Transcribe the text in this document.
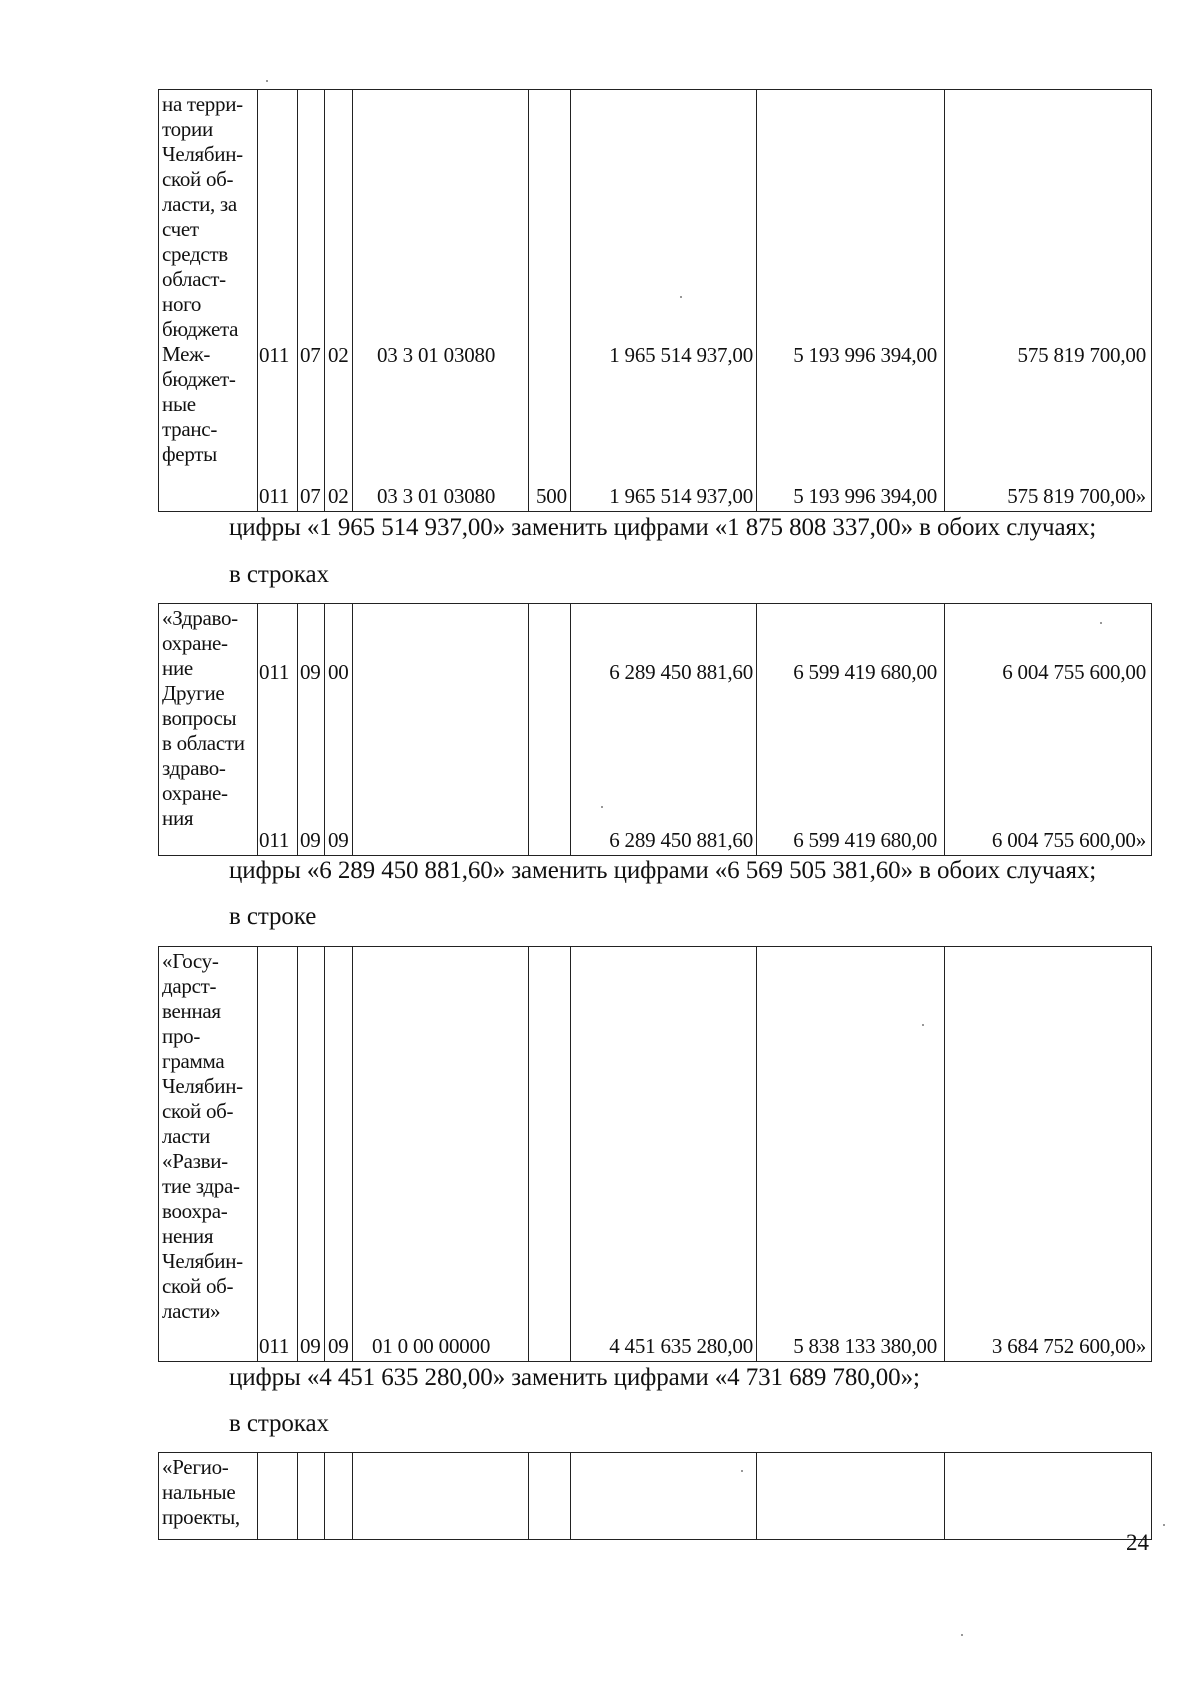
на терри-
тории
Челябин-
ской об-
ласти, за
счет
средств
област-
ного
бюджета
Меж-
бюджет-
ные
транс-
ферты

011 07 02 03 3 01 03080	1 965 514 937,00	5 193 996 394,00	575 819 700,00
011 07 02 03 3 01 03080 500	1 965 514 937,00	5 193 996 394,00	575 819 700,00»
цифры «1 965 514 937,00» заменить цифрами «1 875 808 337,00» в обоих случаях;
в строках
«Здраво-
охране-
ние
Другие
вопросы
в области
здраво-
охране-
ния

011 09 00	6 289 450 881,60	6 599 419 680,00	6 004 755 600,00
011 09 09	6 289 450 881,60	6 599 419 680,00	6 004 755 600,00»
цифры «6 289 450 881,60» заменить цифрами «6 569 505 381,60» в обоих случаях;
в строке
«Госу-
дарст-
венная
про-
грамма
Челябин-
ской об-
ласти
«Разви-
тие здра-
воохра-
нения
Челябин-
ской об-
ласти»

011 09 09 01 0 00 00000	4 451 635 280,00	5 838 133 380,00	3 684 752 600,00»
цифры «4 451 635 280,00» заменить цифрами «4 731 689 780,00»;
в строках
«Регио-
нальные
проекты,

24
